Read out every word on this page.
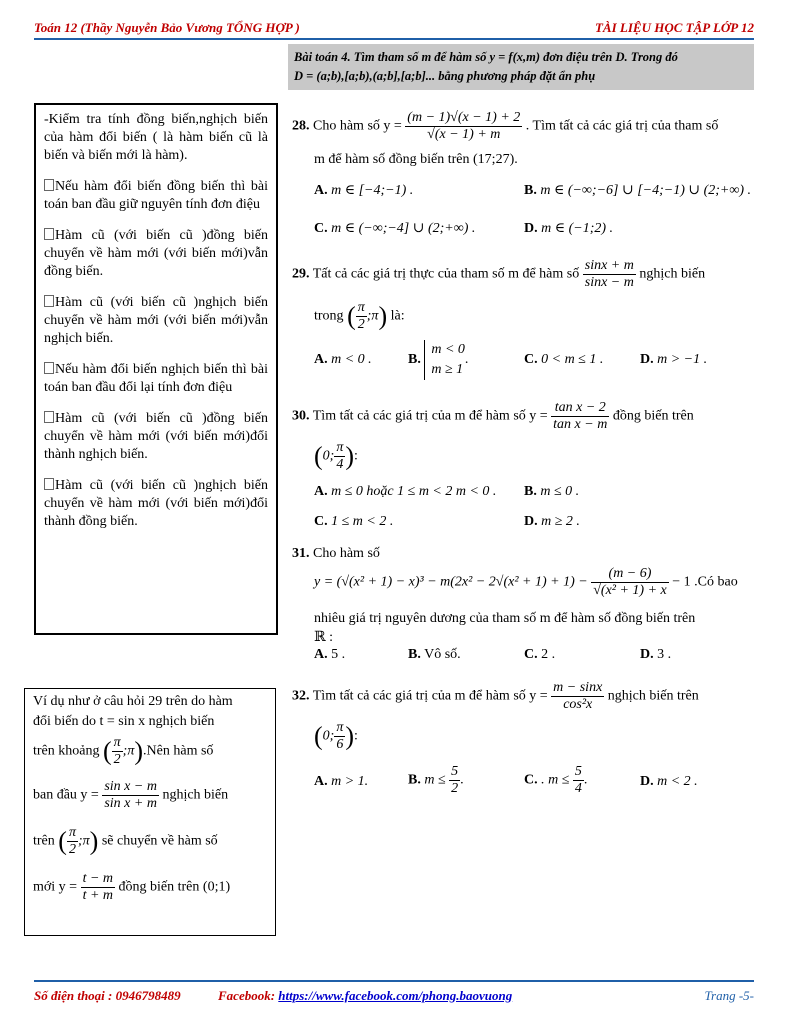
Toán 12 (Thầy Nguyễn Bảo Vương TỔNG HỢP )	TÀI LIỆU HỌC TẬP LỚP 12
Bài toán 4. Tìm tham số m để hàm số y = f(x,m) đơn điệu trên D. Trong đó
D = (a;b),[a;b),(a;b],[a;b]... bằng phương pháp đặt ẩn phụ

-Kiểm tra tính đồng biến,nghịch biến của hàm đổi biến ( là hàm biến cũ là biến và biến mới là hàm).

Nếu hàm đổi biến đồng biến thì bài toán ban đầu giữ nguyên tính đơn điệu

Hàm cũ (với biến cũ )đồng biến chuyển về hàm mới (với biến mới)vẫn đồng biến.

Hàm cũ (với biến cũ )nghịch biến chuyển về hàm mới (với biến mới)vẫn nghịch biến.

Nếu hàm đổi biến nghịch biến thì bài toán ban đầu đổi lại tính đơn điệu

Hàm cũ (với biến cũ )đồng biến chuyển về hàm mới (với biến mới)đổi thành nghịch biến.

Hàm cũ (với biến cũ )nghịch biến chuyển về hàm mới (với biến mới)đổi thành đồng biến.

Ví dụ như ở câu hỏi 29 trên do hàm
đổi biến do t = sin x nghịch biến
trên khoảng ( $\frac{\pi}{2}$ ;π).Nên hàm số
ban đầu $y = \frac{\text{sin x − m}}{\text{sin x + m}}$ nghịch biến
trên ( $\frac{\pi}{2}$ ;π) sẽ chuyển về hàm số
mới $y = \frac{t - m}{t + m}$ đồng biến trên (0;1)
28. Cho hàm số $y = \frac{(m - 1)√(x - 1) + 2}{√(x - 1) + m}$ . Tìm tất cả các giá trị của tham số
m để hàm số đồng biến trên (17;27).
A. m ∈ [−4;−1) .	B. m ∈ (−∞;−6] ∪ [−4;−1) ∪ (2;+∞) .
C. m ∈ (−∞;−4] ∪ (2;+∞) .	D. m ∈ (−1;2) .
29. Tất cả các giá trị thực của tham số m để hàm số $\frac{\sin x + m}{\sin x - m}$ nghịch biến
trong ( $\frac{\pi}{2}$ ;π) là:
A. m < 0 .	B.
m < 0
m ≥ 1
.	C. 0 < m ≤ 1 .	D. m > −1 .
30. Tìm tất cả các giá trị của m để hàm số $y = \frac{\text{tan x − 2}}{\text{tan x − m}}$ đồng biến trên
(0; $\frac{\pi}{4}$ ):
A. m ≤ 0 hoặc 1 ≤ m < 2 m < 0 . B. m ≤ 0 .
C. 1 ≤ m < 2 .	D. m ≥ 2 .
31. Cho hàm số
$y = (√(x^2 + 1) - x)^3 - m(2x^2 - 2√(x^2 + 1) + 1) - \frac{(m - 6)}{\text{√(x² + 1) + x}} - 1$ .Có bao
nhiêu giá trị nguyên dương của tham số m để hàm số đồng biến trên
ℝ :
A. 5 .	B. Vô số.	C. 2 .	D. 3 .
32. Tìm tất cả các giá trị của m để hàm số $y = \frac{m - \sin x}{\text{cos²x}}$ nghịch biến trên
(0; $\frac{\pi}{6}$ ):
A. m > 1.	B. $m \le \frac{5}{2}$ .	C. . $m \le \frac{5}{4}$ .	D. m < 2 .
Số điện thoại : 0946798489	Facebook: https://www.facebook.com/phong.baovuong	Trang -5-
